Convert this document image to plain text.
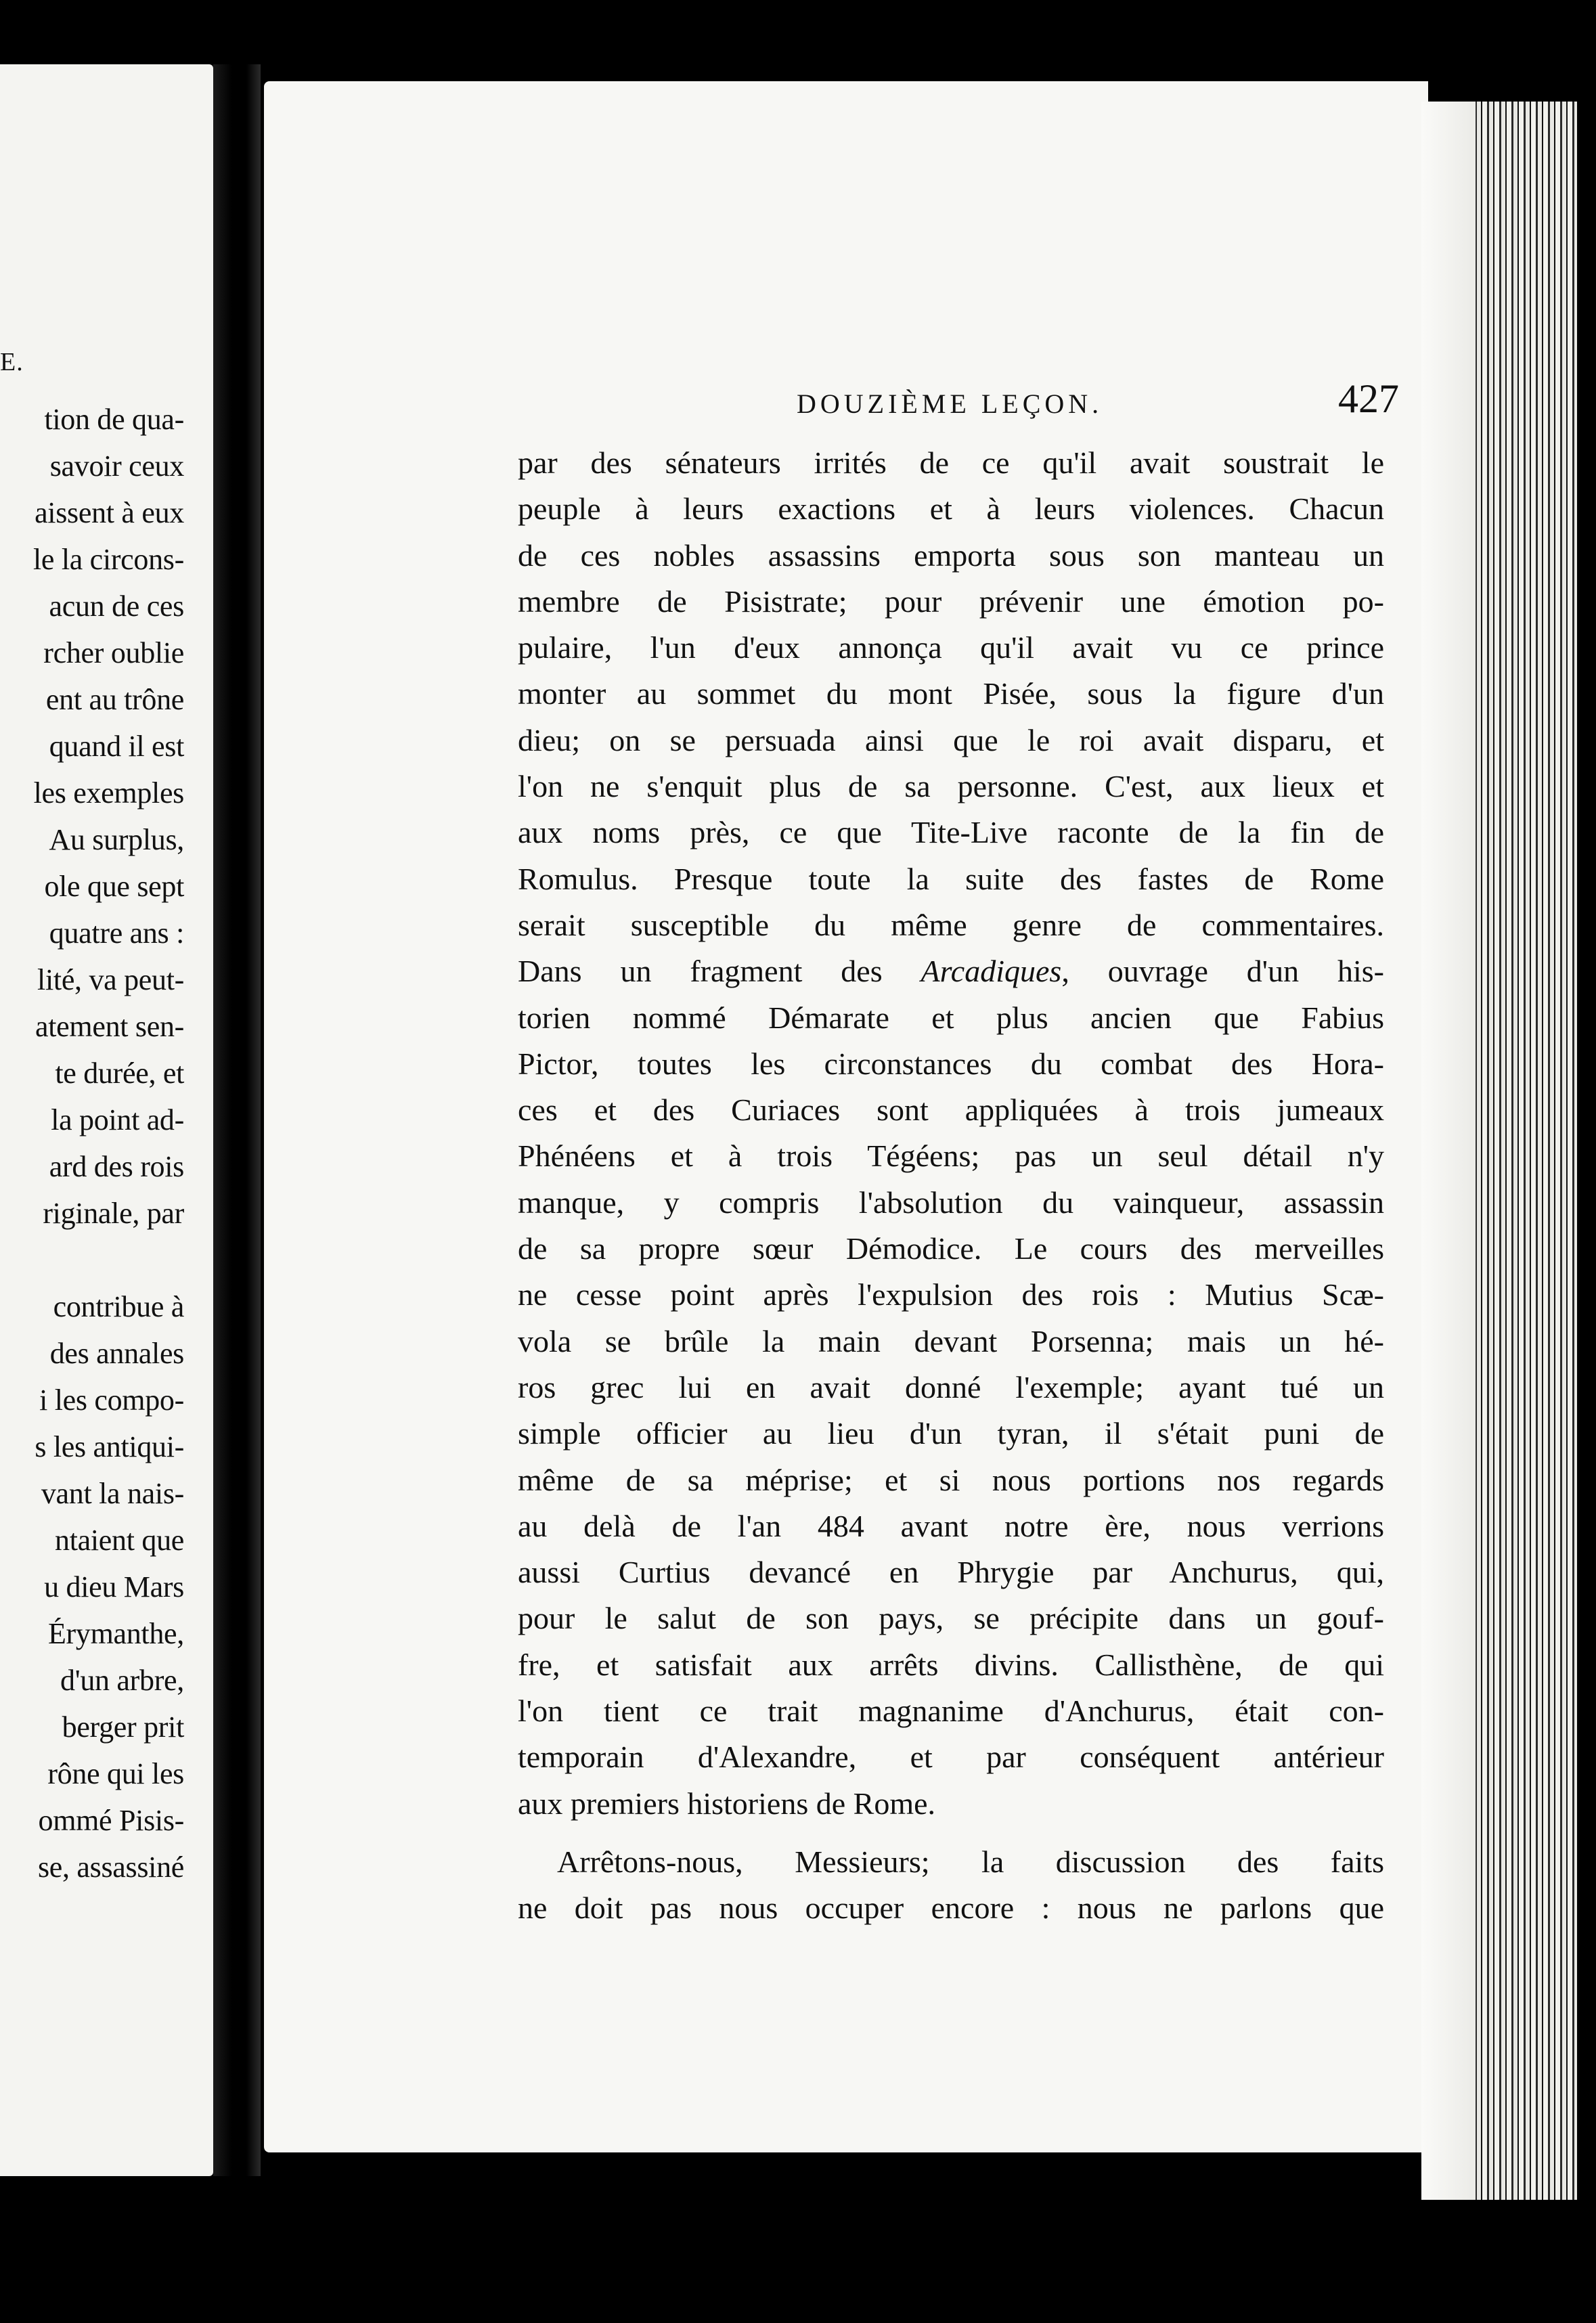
E.
tion de qua-
savoir ceux
aissent à eux
le la circons-
acun de ces
rcher oublie
ent au trône
quand il est
les exemples
Au surplus,
ole que sept
quatre ans :
lité, va peut-
atement sen-
te durée, et
la point ad-
ard des rois
riginale, par
contribue à
des annales
i les compo-
s les antiqui-
vant la nais-
ntaient que
u dieu Mars
Érymanthe,
d'un arbre,
berger prit
rône qui les
ommé Pisis-
se, assassiné
DOUZIÈME LEÇON.	427
par des sénateurs irrités de ce qu'il avait soustrait le
peuple à leurs exactions et à leurs violences. Chacun
de ces nobles assassins emporta sous son manteau un
membre de Pisistrate; pour prévenir une émotion po-
pulaire, l'un d'eux annonça qu'il avait vu ce prince
monter au sommet du mont Pisée, sous la figure d'un
dieu; on se persuada ainsi que le roi avait disparu, et
l'on ne s'enquit plus de sa personne. C'est, aux lieux et
aux noms près, ce que Tite-Live raconte de la fin de
Romulus. Presque toute la suite des fastes de Rome
serait susceptible du même genre de commentaires.
Dans un fragment des Arcadiques, ouvrage d'un his-
torien nommé Démarate et plus ancien que Fabius
Pictor, toutes les circonstances du combat des Hora-
ces et des Curiaces sont appliquées à trois jumeaux
Phénéens et à trois Tégéens; pas un seul détail n'y
manque, y compris l'absolution du vainqueur, assassin
de sa propre sœur Démodice. Le cours des merveilles
ne cesse point après l'expulsion des rois : Mutius Scæ-
vola se brûle la main devant Porsenna; mais un hé-
ros grec lui en avait donné l'exemple; ayant tué un
simple officier au lieu d'un tyran, il s'était puni de
même de sa méprise; et si nous portions nos regards
au delà de l'an 484 avant notre ère, nous verrions
aussi Curtius devancé en Phrygie par Anchurus, qui,
pour le salut de son pays, se précipite dans un gouf-
fre, et satisfait aux arrêts divins. Callisthène, de qui
l'on tient ce trait magnanime d'Anchurus, était con-
temporain d'Alexandre, et par conséquent antérieur
aux premiers historiens de Rome.
Arrêtons-nous, Messieurs; la discussion des faits
ne doit pas nous occuper encore : nous ne parlons que
